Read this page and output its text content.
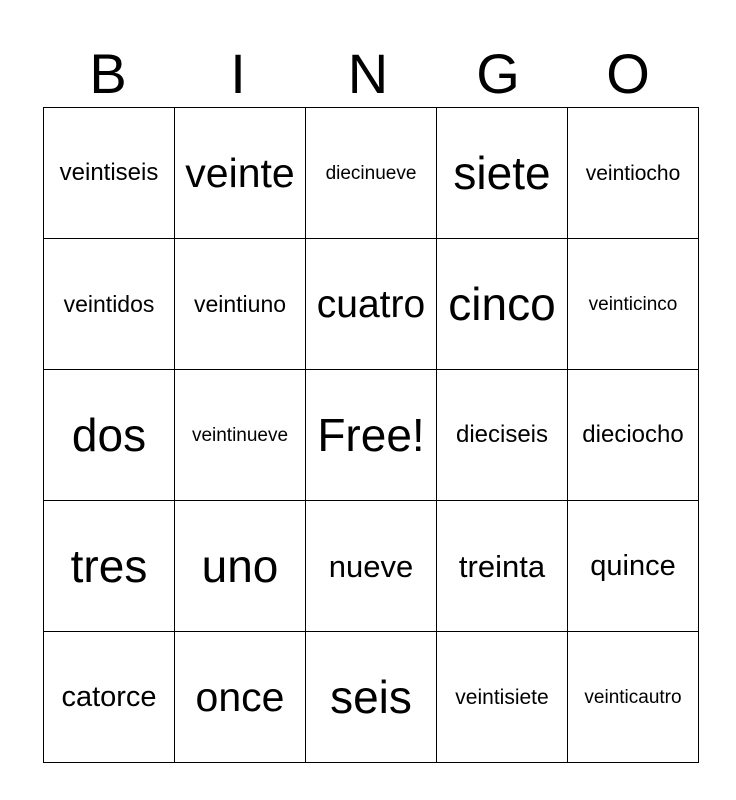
B	I	N	G	O
veintiseis	veinte	diecinueve	siete	veintiocho
veintidos	veintiuno	cuatro	cinco	veinticinco
dos	veintinueve	Free!	dieciseis	dieciocho
tres	uno	nueve	treinta	quince
catorce	once	seis	veintisiete	veinticautro
